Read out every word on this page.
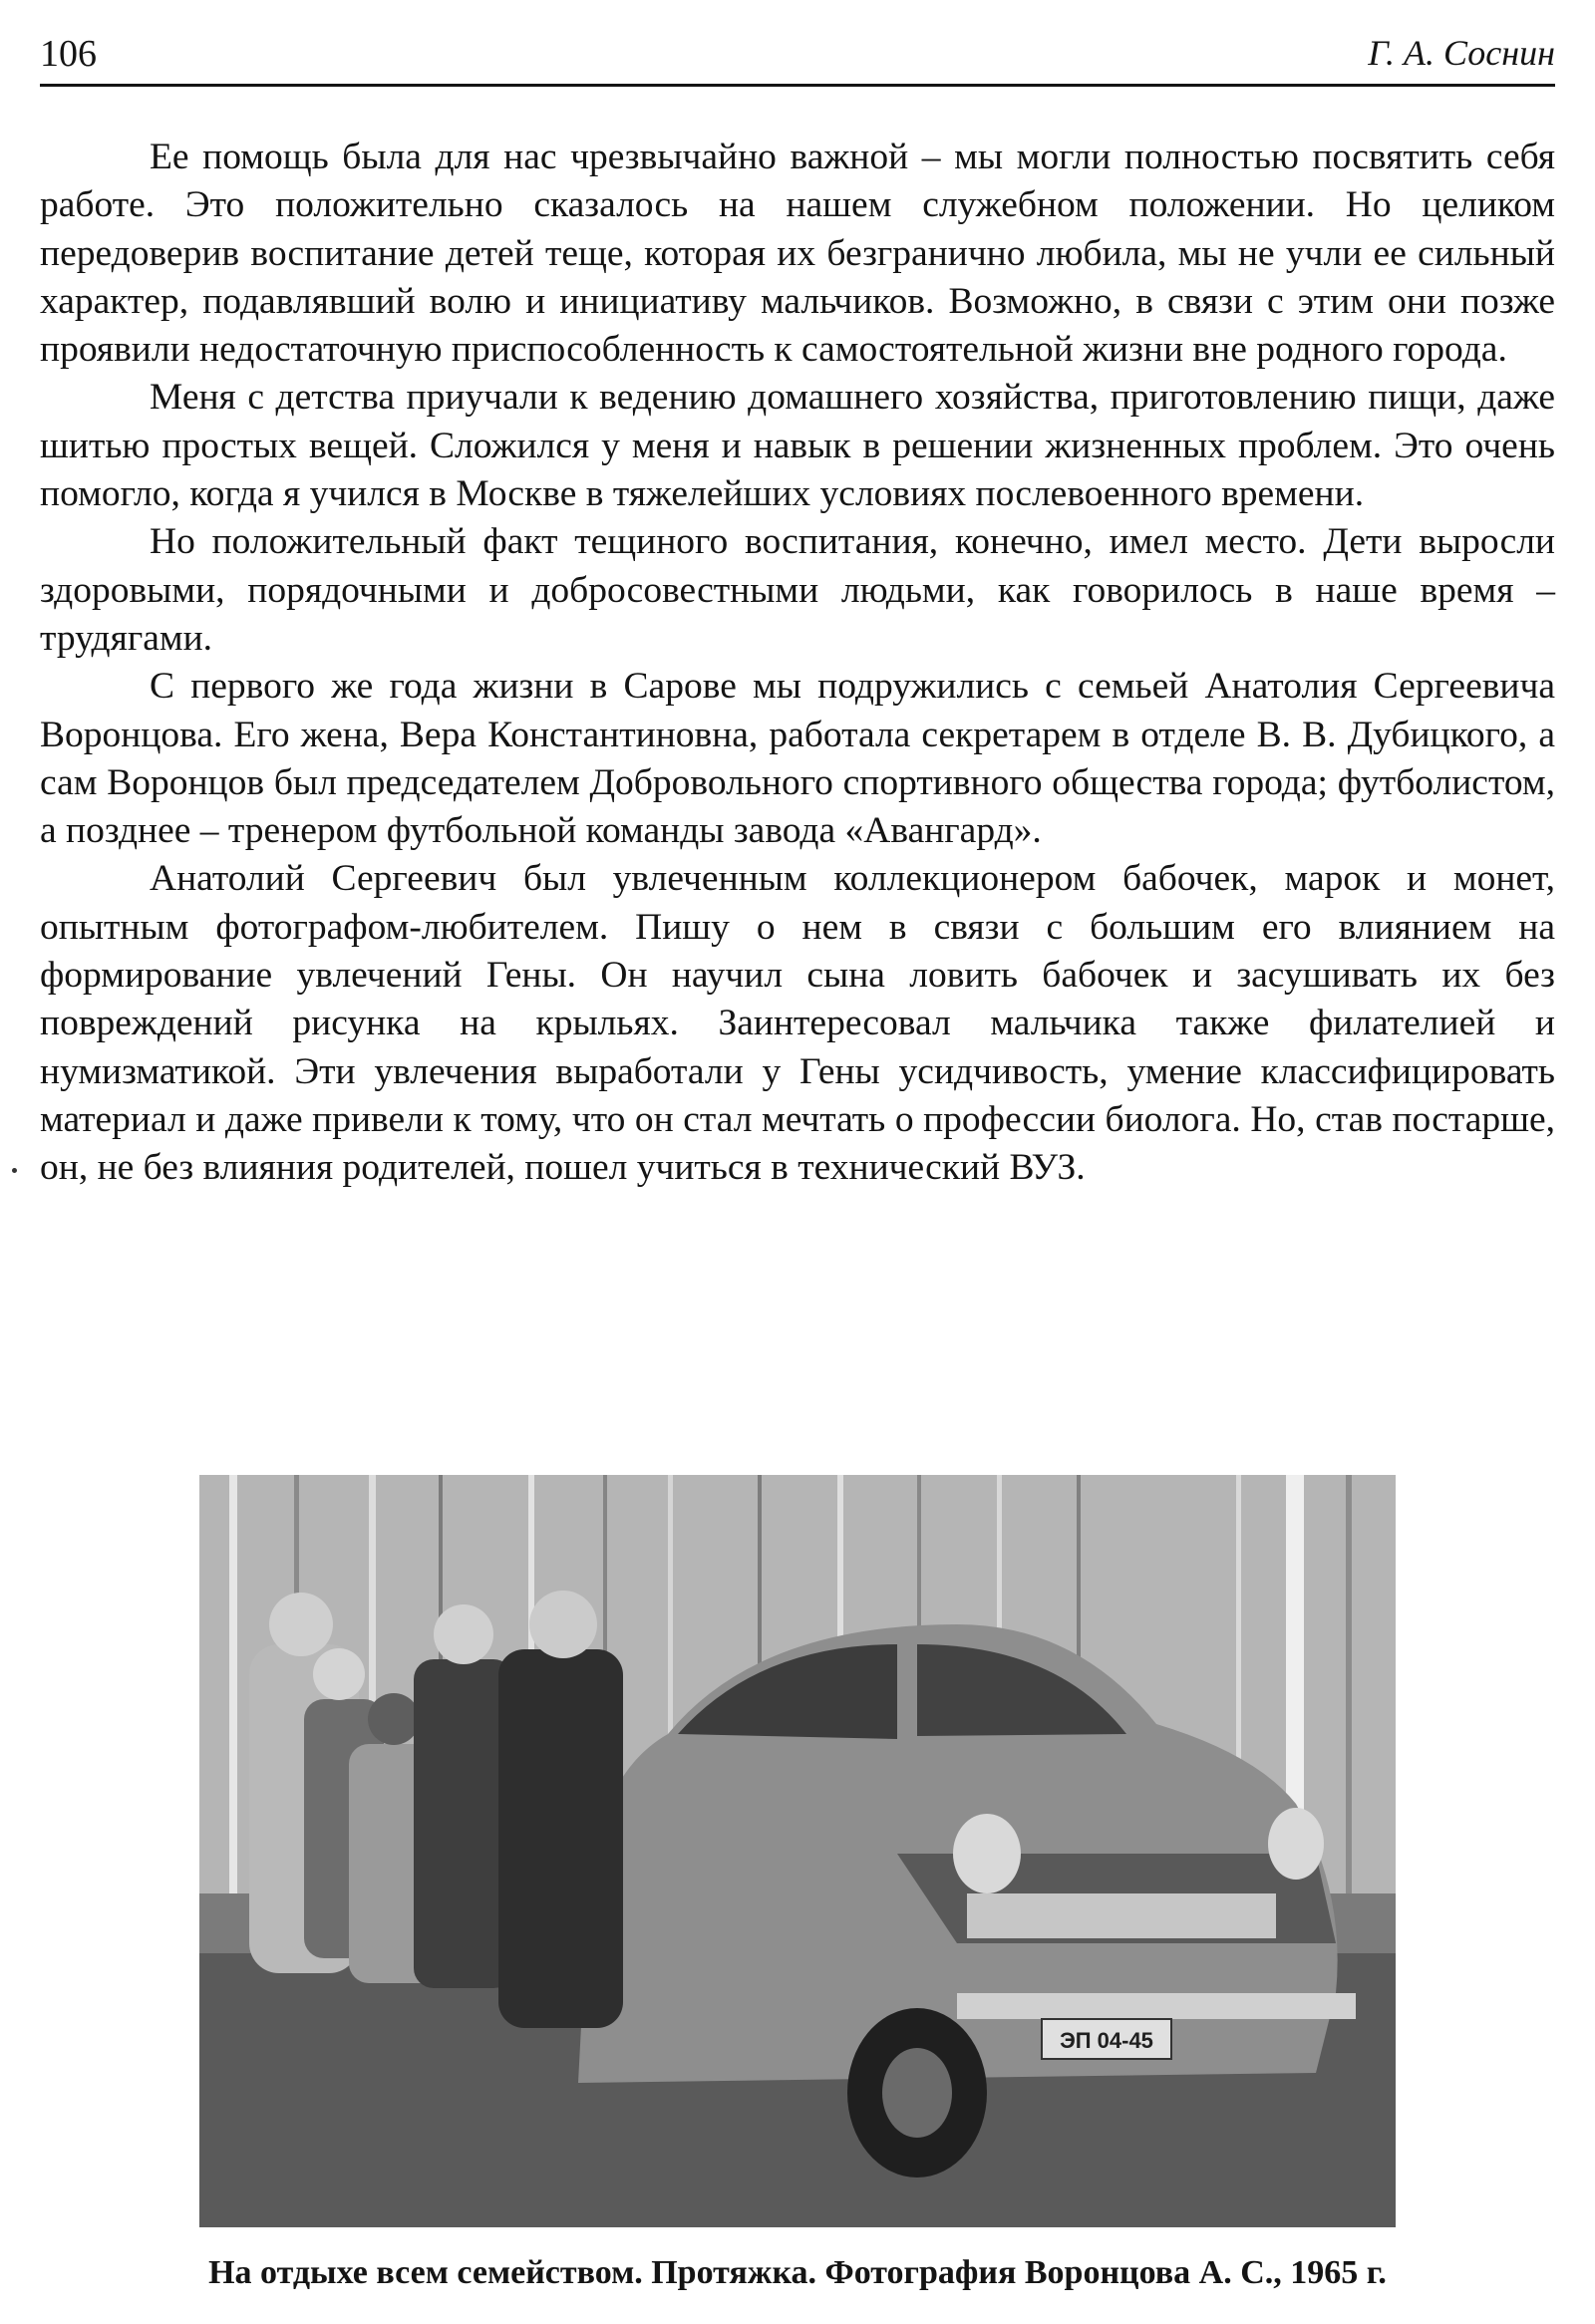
106	Г. А. Соснин

Ее помощь была для нас чрезвычайно важной – мы могли полностью посвятить себя работе. Это положительно сказалось на нашем служебном положении. Но целиком передоверив воспитание детей теще, которая их безгранично любила, мы не учли ее сильный характер, подавлявший волю и инициативу мальчиков. Возможно, в связи с этим они позже проявили недостаточную приспособленность к самостоятельной жизни вне родного города.

Меня с детства приучали к ведению домашнего хозяйства, приготовлению пищи, даже шитью простых вещей. Сложился у меня и навык в решении жизненных проблем. Это очень помогло, когда я учился в Москве в тяжелейших условиях послевоенного времени.

Но положительный факт тещиного воспитания, конечно, имел место. Дети выросли здоровыми, порядочными и добросовестными людьми, как говорилось в наше время – трудягами.

С первого же года жизни в Сарове мы подружились с семьей Анатолия Сергеевича Воронцова. Его жена, Вера Константиновна, работала секретарем в отделе В. В. Дубицкого, а сам Воронцов был председателем Добровольного спортивного общества города; футболистом, а позднее – тренером футбольной команды завода «Авангард».

Анатолий Сергеевич был увлеченным коллекционером бабочек, марок и монет, опытным фотографом-любителем. Пишу о нем в связи с большим его влиянием на формирование увлечений Гены. Он научил сына ловить бабочек и засушивать их без повреждений рисунка на крыльях. Заинтересовал мальчика также филателией и нумизматикой. Эти увлечения выработали у Гены усидчивость, умение классифицировать материал и даже привели к тому, что он стал мечтать о профессии биолога. Но, став постарше, он, не без влияния родителей, пошел учиться в технический ВУЗ.

ЭП 04-45
На отдыхе всем семейством. Протяжка. Фотография Воронцова А. С., 1965 г.
